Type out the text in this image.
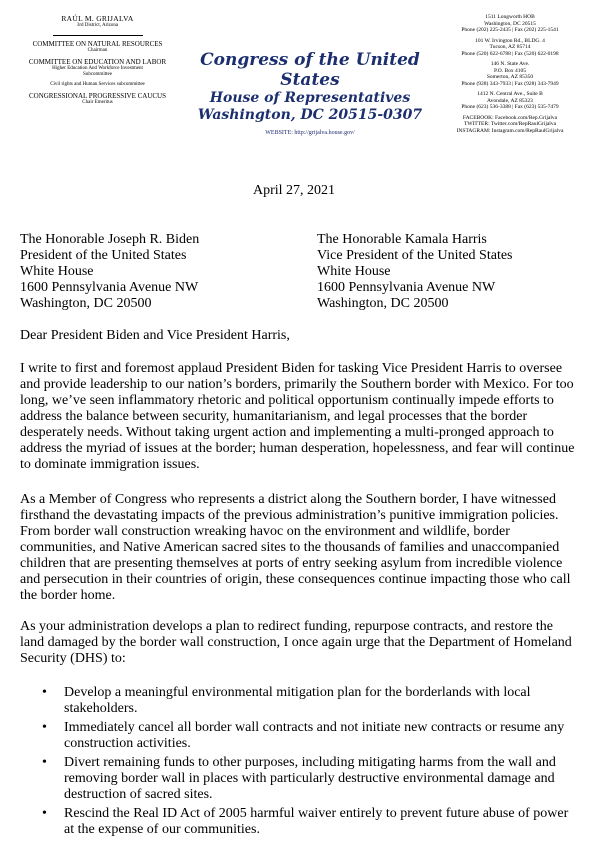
RAÚL M. GRIJALVA
3rd District, Arizona
COMMITTEE ON NATURAL RESOURCES
Chairman
COMMITTEE ON EDUCATION AND LABOR
Higher Education And Workforce Investment
Subcommittee
Civil rights and Human Services subcommittee
CONGRESSIONAL PROGRESSIVE CAUCUS
Chair Emeritus
Congress of the United States
House of Representatives
Washington, DC 20515-0307
WEBSITE: http://grijalva.house.gov/
1511 Longworth HOB
Washington, DC 20515
Phone (202) 225-2435 | Fax (202) 225-1541
101 W. Irvington Rd., BLDG. 4
Tucson, AZ 85714
Phone (520) 622-6788 | Fax (520) 622-0198
146 N. State Ave.
P.O. Box 4105
Somerton, AZ 85350
Phone (928) 343-7933 | Fax (928) 343-7949
1412 N. Central Ave., Suite B
Avondale, AZ 85323
Phone (623) 536-3388 | Fax (623) 535-7479
FACEBOOK: Facebook.com/Rep.Grijalva
TWITTER: Twitter.com/RepRaulGrijalva
INSTAGRAM: Instagram.com/RepRaulGrijalva
April 27, 2021
The Honorable Joseph R. Biden
President of the United States
White House
1600 Pennsylvania Avenue NW
Washington, DC 20500
The Honorable Kamala Harris
Vice President of the United States
White House
1600 Pennsylvania Avenue NW
Washington, DC 20500
Dear President Biden and Vice President Harris,
I write to first and foremost applaud President Biden for tasking Vice President Harris to oversee and provide leadership to our nation’s borders, primarily the Southern border with Mexico. For too long, we’ve seen inflammatory rhetoric and political opportunism continually impede efforts to address the balance between security, humanitarianism, and legal processes that the border desperately needs. Without taking urgent action and implementing a multi-pronged approach to address the myriad of issues at the border; human desperation, hopelessness, and fear will continue to dominate immigration issues.
As a Member of Congress who represents a district along the Southern border, I have witnessed firsthand the devastating impacts of the previous administration’s punitive immigration policies. From border wall construction wreaking havoc on the environment and wildlife, border communities, and Native American sacred sites to the thousands of families and unaccompanied children that are presenting themselves at ports of entry seeking asylum from incredible violence and persecution in their countries of origin, these consequences continue impacting those who call the border home.
As your administration develops a plan to redirect funding, repurpose contracts, and restore the land damaged by the border wall construction, I once again urge that the Department of Homeland Security (DHS) to:
• Develop a meaningful environmental mitigation plan for the borderlands with local stakeholders.
• Immediately cancel all border wall contracts and not initiate new contracts or resume any construction activities.
• Divert remaining funds to other purposes, including mitigating harms from the wall and removing border wall in places with particularly destructive environmental damage and destruction of sacred sites.
• Rescind the Real ID Act of 2005 harmful waiver entirely to prevent future abuse of power at the expense of our communities.
